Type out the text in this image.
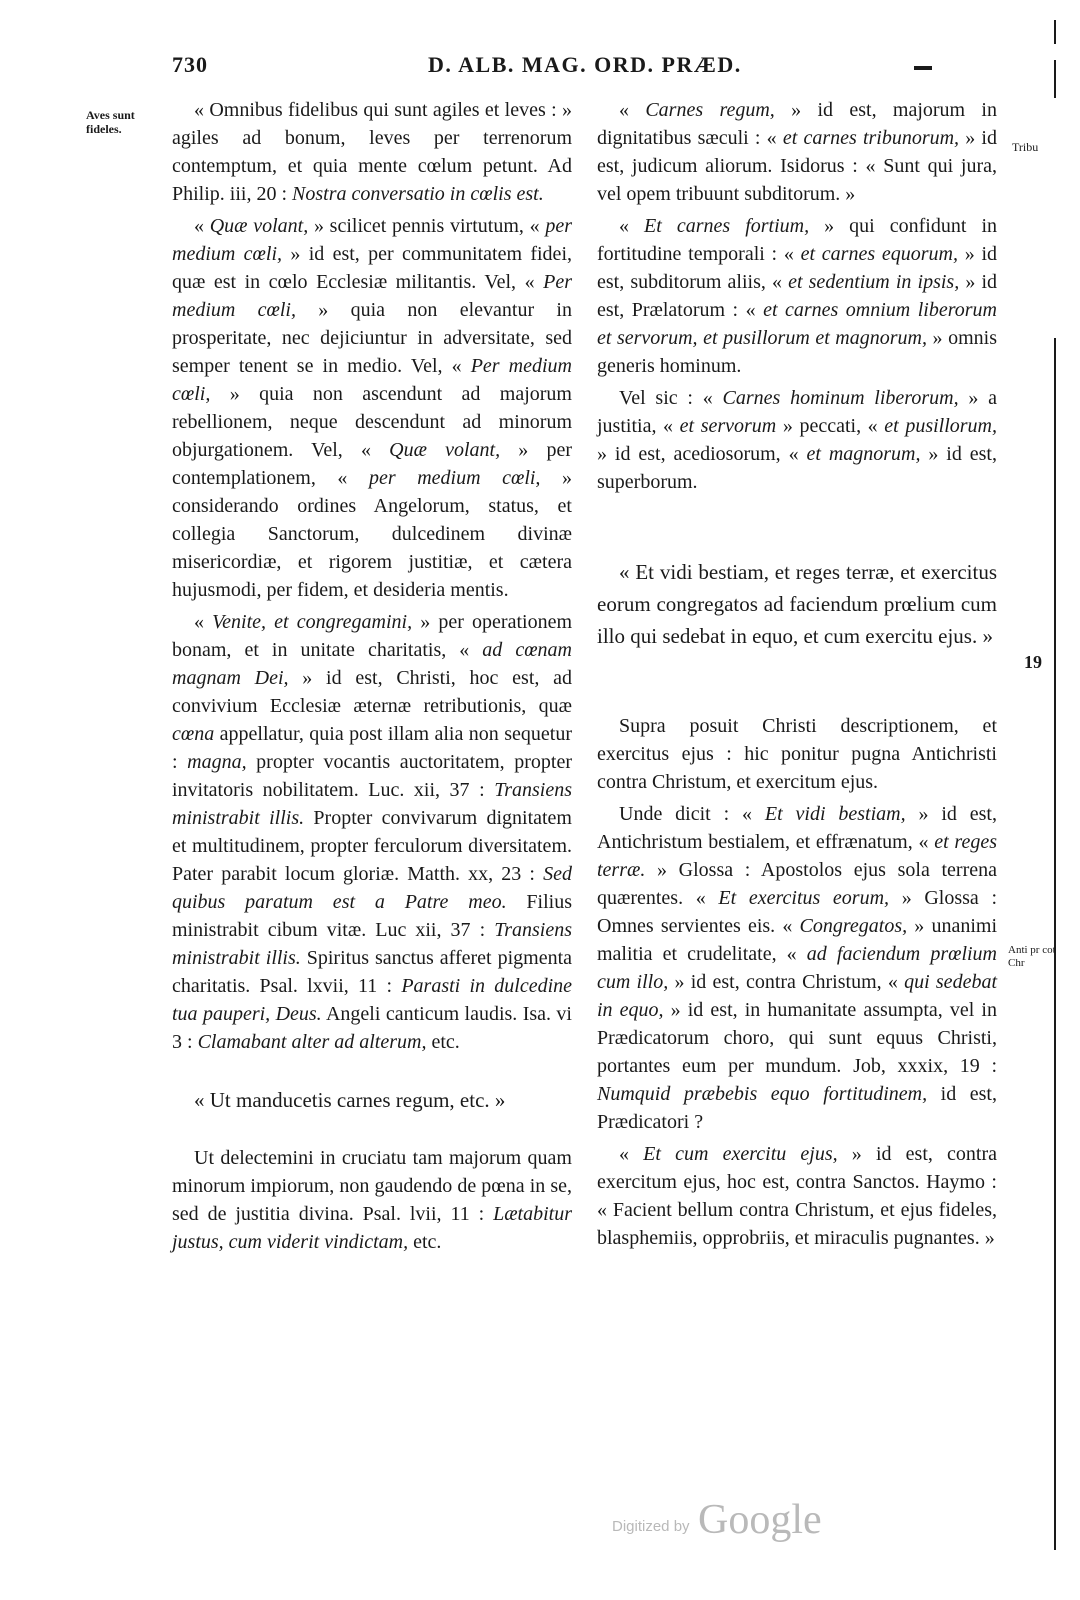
730	D. ALB. MAG. ORD. PRÆD.
Aves sunt fideles.
Tribu
19
Anti pr cot Chr

« Omnibus fidelibus qui sunt agiles et leves : » agiles ad bonum, leves per terrenorum contemptum, et quia mente cœlum petunt. Ad Philip. iii, 20 : Nostra conversatio in cœlis est.

« Quæ volant, » scilicet pennis virtutum, « per medium cœli, » id est, per communitatem fidei, quæ est in cœlo Ecclesiæ militantis. Vel, « Per medium cœli, » quia non elevantur in prosperitate, nec dejiciuntur in adversitate, sed semper tenent se in medio. Vel, « Per medium cœli, » quia non ascendunt ad majorum rebellionem, neque descendunt ad minorum objurgationem. Vel, « Quæ volant, » per contemplationem, « per medium cœli, » considerando ordines Angelorum, status, et collegia Sanctorum, dulcedinem divinæ misericordiæ, et rigorem justitiæ, et cætera hujusmodi, per fidem, et desideria mentis.

« Venite, et congregamini, » per operationem bonam, et in unitate charitatis, « ad cœnam magnam Dei, » id est, Christi, hoc est, ad convivium Ecclesiæ æternæ retributionis, quæ cœna appellatur, quia post illam alia non sequetur : magna, propter vocantis auctoritatem, propter invitatoris nobilitatem. Luc. xii, 37 : Transiens ministrabit illis. Propter convivarum dignitatem et multitudinem, propter ferculorum diversitatem. Pater parabit locum gloriæ. Matth. xx, 23 : Sed quibus paratum est a Patre meo. Filius ministrabit cibum vitæ. Luc xii, 37 : Transiens ministrabit illis. Spiritus sanctus afferet pigmenta charitatis. Psal. lxvii, 11 : Parasti in dulcedine tua pauperi, Deus. Angeli canticum laudis. Isa. vi 3 : Clamabant alter ad alterum, etc.

« Ut manducetis carnes regum, etc. »

Ut delectemini in cruciatu tam majorum quam minorum impiorum, non gaudendo de pœna in se, sed de justitia divina. Psal. lvii, 11 : Lætabitur justus, cum viderit vindictam, etc.

« Carnes regum, » id est, majorum in dignitatibus sæculi : « et carnes tribunorum, » id est, judicum aliorum. Isidorus : « Sunt qui jura, vel opem tribuunt subditorum. »

« Et carnes fortium, » qui confidunt in fortitudine temporali : « et carnes equorum, » id est, subditorum aliis, « et sedentium in ipsis, » id est, Prælatorum : « et carnes omnium liberorum et servorum, et pusillorum et magnorum, » omnis generis hominum.

Vel sic : « Carnes hominum liberorum, » a justitia, « et servorum » peccati, « et pusillorum, » id est, acediosorum, « et magnorum, » id est, superborum.

« Et vidi bestiam, et reges terræ, et exercitus eorum congregatos ad faciendum prœlium cum illo qui sedebat in equo, et cum exercitu ejus. »

Supra posuit Christi descriptionem, et exercitus ejus : hic ponitur pugna Antichristi contra Christum, et exercitum ejus.

Unde dicit : « Et vidi bestiam, » id est, Antichristum bestialem, et effrænatum, « et reges terræ. » Glossa : Apostolos ejus sola terrena quærentes. « Et exercitus eorum, » Glossa : Omnes servientes eis. « Congregatos, » unanimi malitia et crudelitate, « ad faciendum prœlium cum illo, » id est, contra Christum, « qui sedebat in equo, » id est, in humanitate assumpta, vel in Prædicatorum choro, qui sunt equus Christi, portantes eum per mundum. Job, xxxix, 19 : Numquid præbebis equo fortitudinem, id est, Prædicatori ?

« Et cum exercitu ejus, » id est, contra exercitum ejus, hoc est, contra Sanctos. Haymo : « Facient bellum contra Christum, et ejus fideles, blasphemiis, opprobriis, et miraculis pugnantes. »

Digitized by Google
